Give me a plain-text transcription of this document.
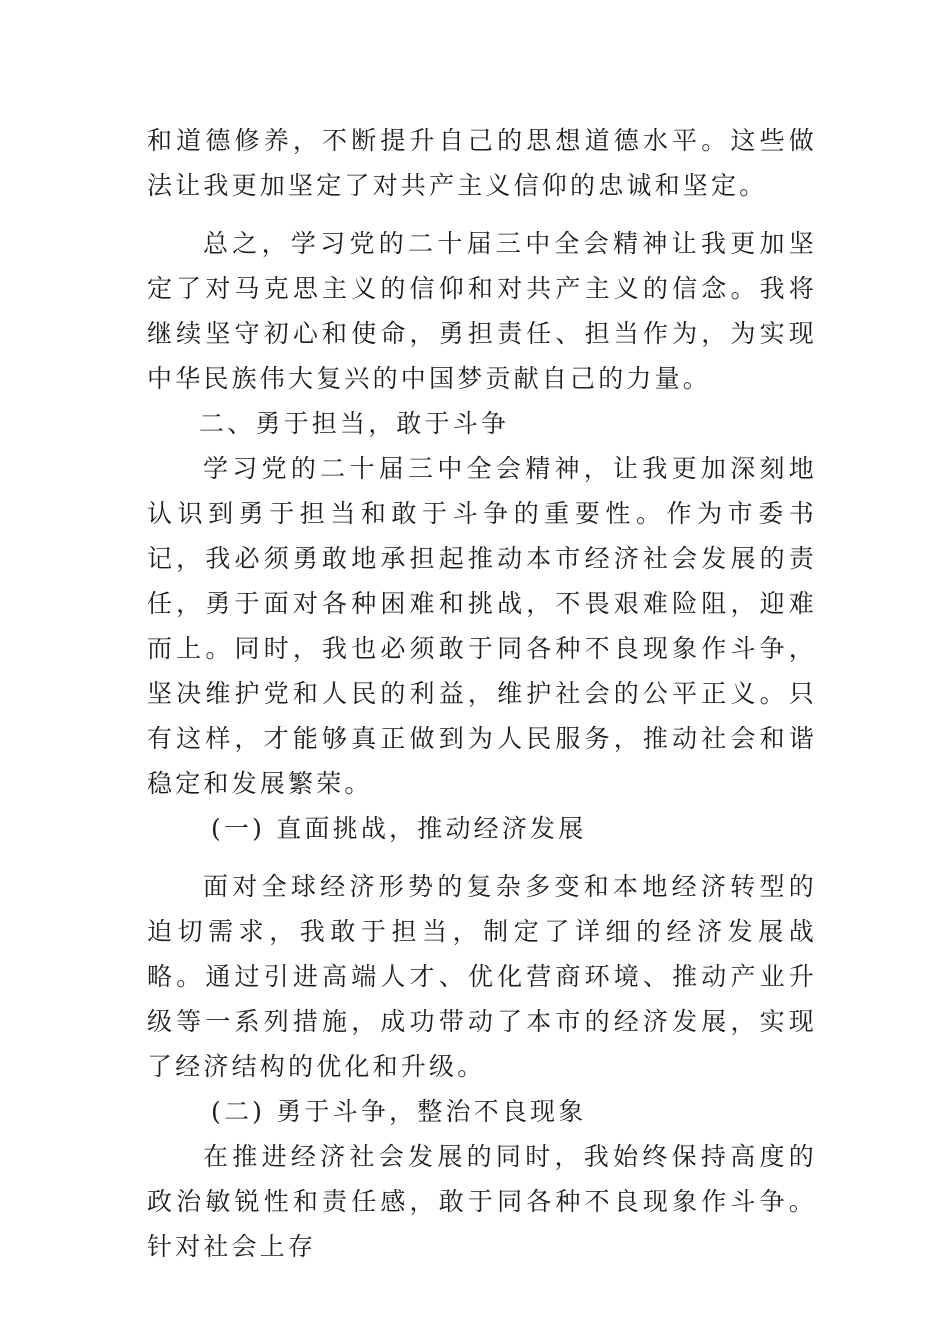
和道德修养，不断提升自己的思想道德水平。这些做法让我更加坚定了对共产主义信仰的忠诚和坚定。

总之，学习党的二十届三中全会精神让我更加坚定了对马克思主义的信仰和对共产主义的信念。我将继续坚守初心和使命，勇担责任、担当作为，为实现中华民族伟大复兴的中国梦贡献自己的力量。

二、勇于担当，敢于斗争

学习党的二十届三中全会精神，让我更加深刻地认识到勇于担当和敢于斗争的重要性。作为市委书记，我必须勇敢地承担起推动本市经济社会发展的责任，勇于面对各种困难和挑战，不畏艰难险阻，迎难而上。同时，我也必须敢于同各种不良现象作斗争，坚决维护党和人民的利益，维护社会的公平正义。只有这样，才能够真正做到为人民服务，推动社会和谐稳定和发展繁荣。

(一) 直面挑战，推动经济发展

面对全球经济形势的复杂多变和本地经济转型的迫切需求，我敢于担当，制定了详细的经济发展战略。通过引进高端人才、优化营商环境、推动产业升级等一系列措施，成功带动了本市的经济发展，实现了经济结构的优化和升级。

(二) 勇于斗争，整治不良现象

在推进经济社会发展的同时，我始终保持高度的政治敏锐性和责任感，敢于同各种不良现象作斗争。针对社会上存
